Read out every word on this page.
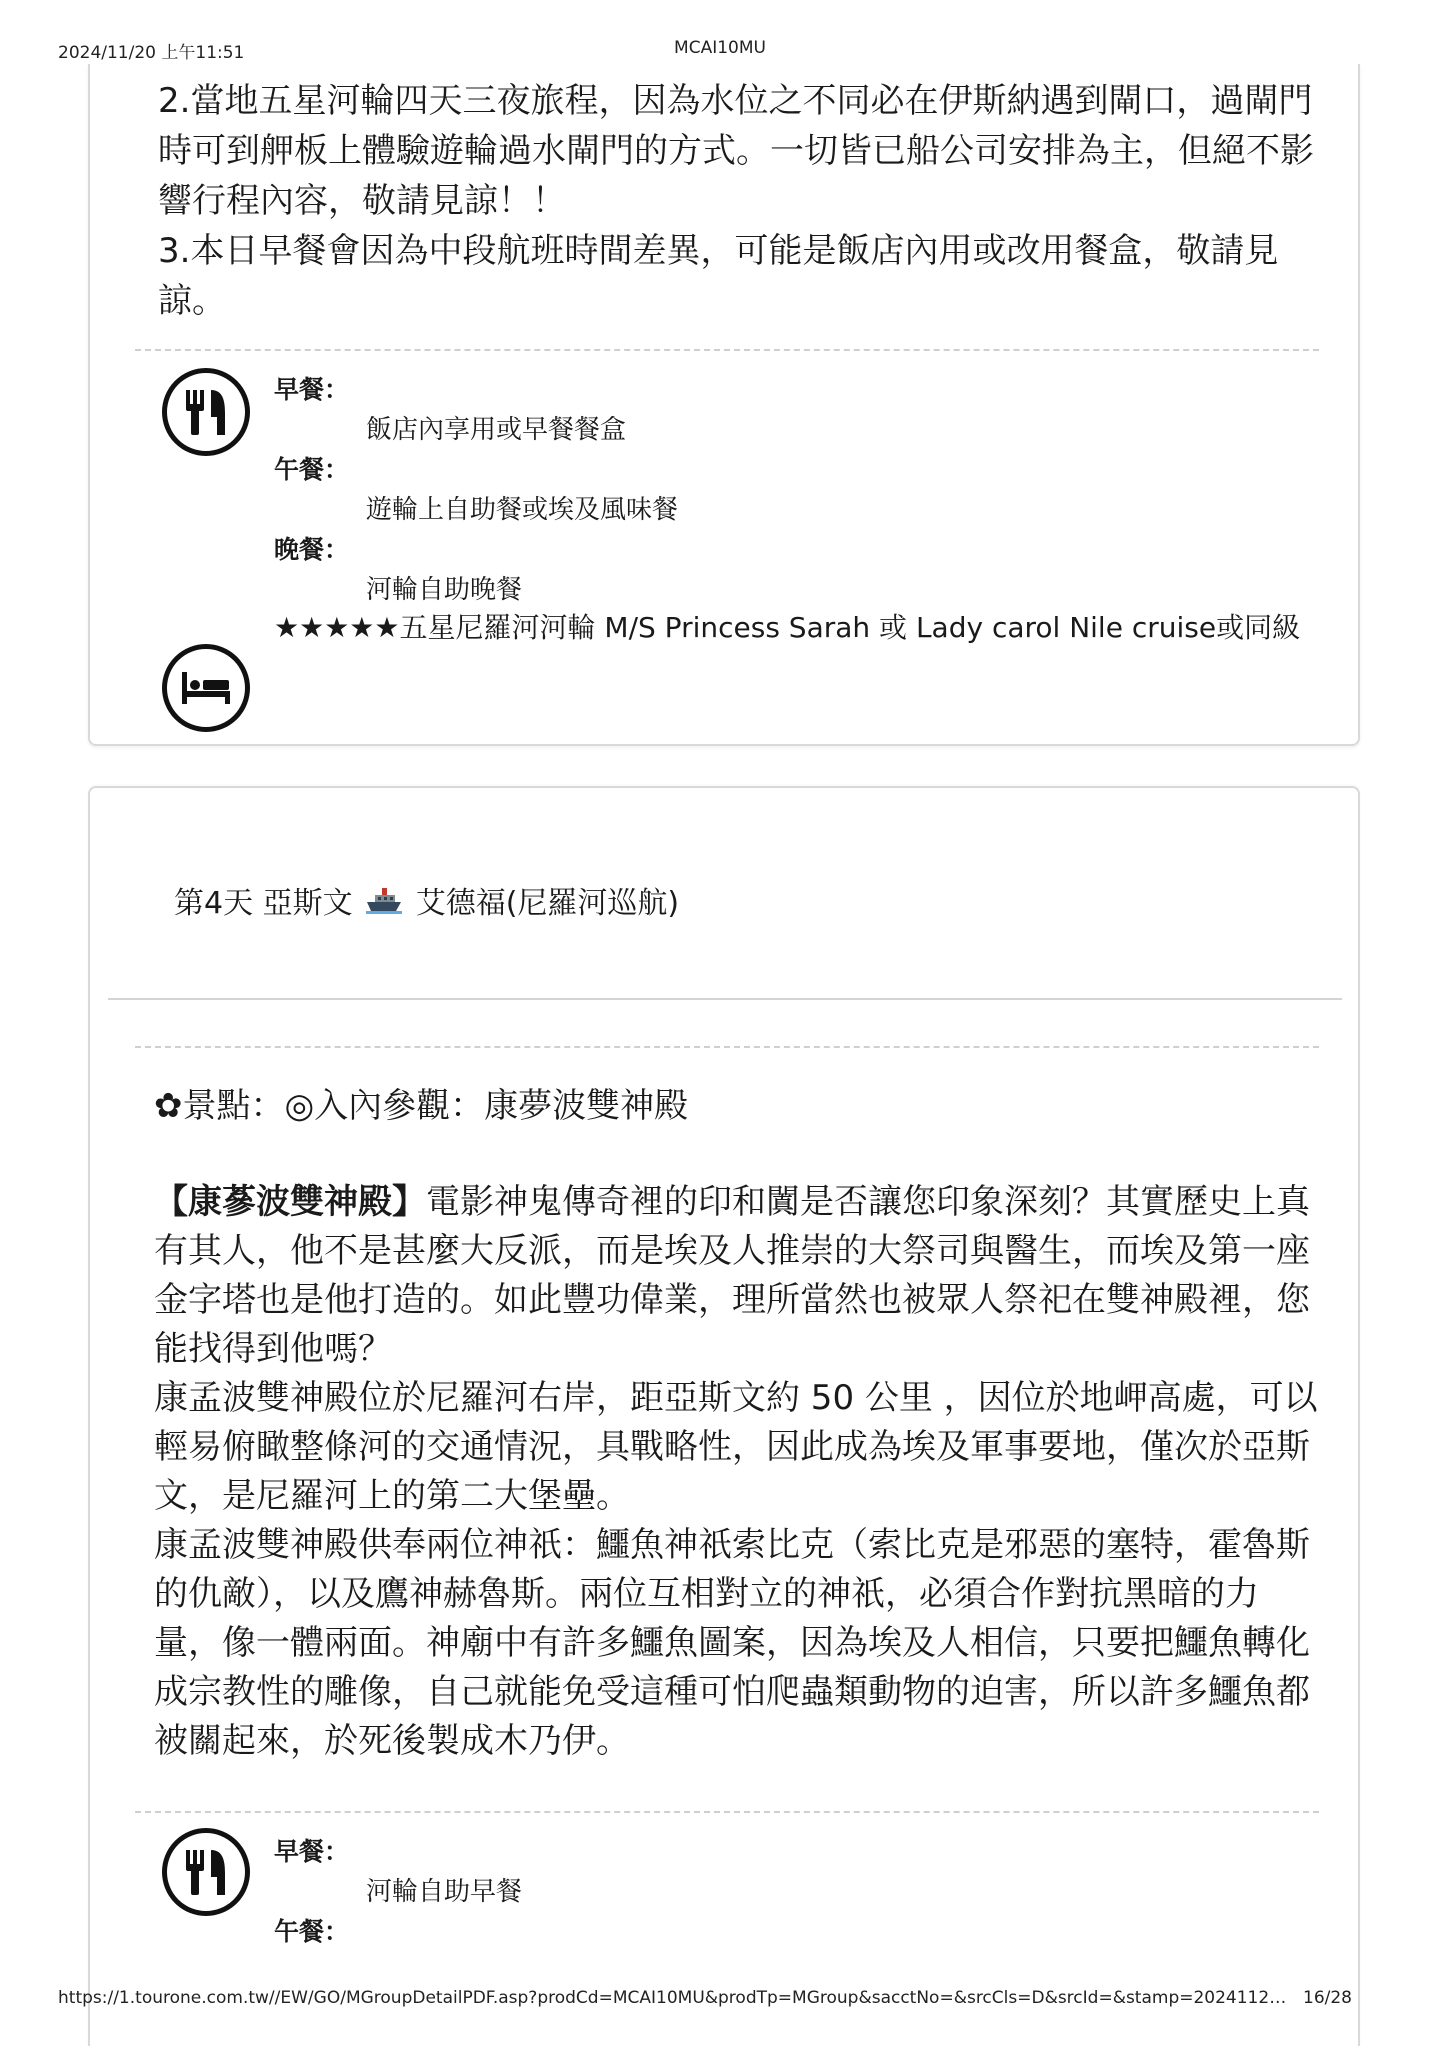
2024/11/20 上午11:51	MCAI10MU

2.當地五星河輪四天三夜旅程，因為水位之不同必在伊斯納遇到閘口，過閘門時可到舺板上體驗遊輪過水閘門的方式。一切皆已船公司安排為主，但絕不影響行程內容，敬請見諒！！

3.本日早餐會因為中段航班時間差異，可能是飯店內用或改用餐盒，敬請見諒。

早餐：
飯店內享用或早餐餐盒
午餐：
遊輪上自助餐或埃及風味餐
晚餐：
河輪自助晚餐
★★★★★五星尼羅河河輪 M/S Princess Sarah 或 Lady carol Nile cruise或同級
第4天 亞斯文 艾德福(尼羅河巡航)
✿景點：◎入內參觀：康夢波雙神殿

【康蔘波雙神殿】電影神鬼傳奇裡的印和闐是否讓您印象深刻？其實歷史上真有其人，他不是甚麼大反派，而是埃及人推崇的大祭司與醫生，而埃及第一座金字塔也是他打造的。如此豐功偉業，理所當然也被眾人祭祀在雙神殿裡，您能找得到他嗎？

康孟波雙神殿位於尼羅河右岸，距亞斯文約 50 公里 ，因位於地岬高處，可以輕易俯瞰整條河的交通情況，具戰略性，因此成為埃及軍事要地，僅次於亞斯文，是尼羅河上的第二大堡壘。

康孟波雙神殿供奉兩位神祇：鱷魚神祇索比克（索比克是邪惡的塞特，霍魯斯的仇敵），以及鷹神赫魯斯。兩位互相對立的神祇，必須合作對抗黑暗的力量，像一體兩面。神廟中有許多鱷魚圖案，因為埃及人相信，只要把鱷魚轉化成宗教性的雕像，自己就能免受這種可怕爬蟲類動物的迫害，所以許多鱷魚都被關起來，於死後製成木乃伊。

早餐：
河輪自助早餐
午餐：
https://1.tourone.com.tw//EW/GO/MGroupDetailPDF.asp?prodCd=MCAI10MU&prodTp=MGroup&sacctNo=&srcCls=D&srcId=&stamp=2024112… 16/28
